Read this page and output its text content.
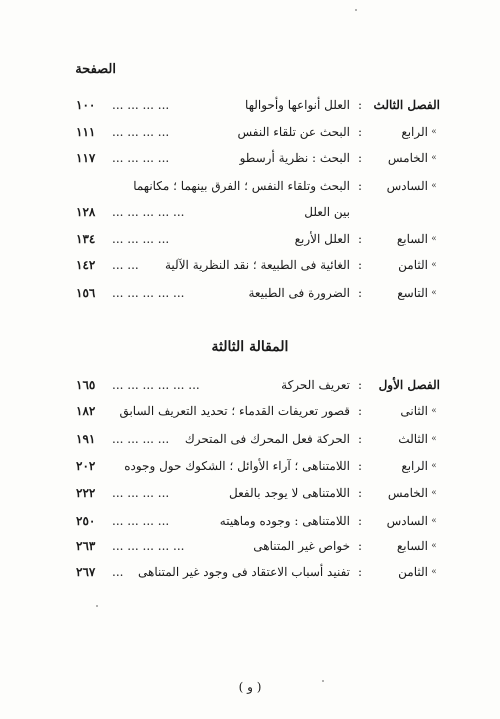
الصفحة
الفصل الثالث
:
العلل أنواعها وأحوالها
... ... ... ...
١٠٠
»
الرابع
:
البحث عن تلقاء النفس
... ... ... ...
١١١
»
الخامس
:
البحث : نظرية أرسطو
... ... ... ...
١١٧
»
السادس
:
البحث وتلقاء النفس ؛ الفرق بينهما ؛ مكانهما
بين العلل
... ... ... ... ...
١٢٨
»
السابع
:
العلل الأربع
... ... ... ...
١٣٤
»
الثامن
:
الغائية فى الطبيعة ؛ نقد النظرية الآلية
... ...
١٤٢
»
التاسع
:
الضرورة فى الطبيعة
... ... ... ... ...
١٥٦
المقالة الثالثة
الفصل الأول
:
تعريف الحركة
... ... ... ... ... ...
١٦٥
»
الثانى
:
قصور تعريفات القدماء ؛ تحديد التعريف السابق
١٨٢
»
الثالث
:
الحركة فعل المحرك فى المتحرك
... ... ... ...
١٩١
»
الرابع
:
اللامتناهى ؛ آراء الأوائل ؛ الشكوك حول وجوده
٢٠٢
»
الخامس
:
اللامتناهى لا يوجد بالفعل
... ... ... ...
٢٢٢
»
السادس
:
اللامتناهى : وجوده وماهيته
... ... ... ...
٢٥٠
»
السابع
:
خواص غير المتناهى
... ... ... ... ...
٢٦٣
»
الثامن
:
تفنيد أسباب الاعتقاد فى وجود غير المتناهى
...
٢٦٧
( و )
